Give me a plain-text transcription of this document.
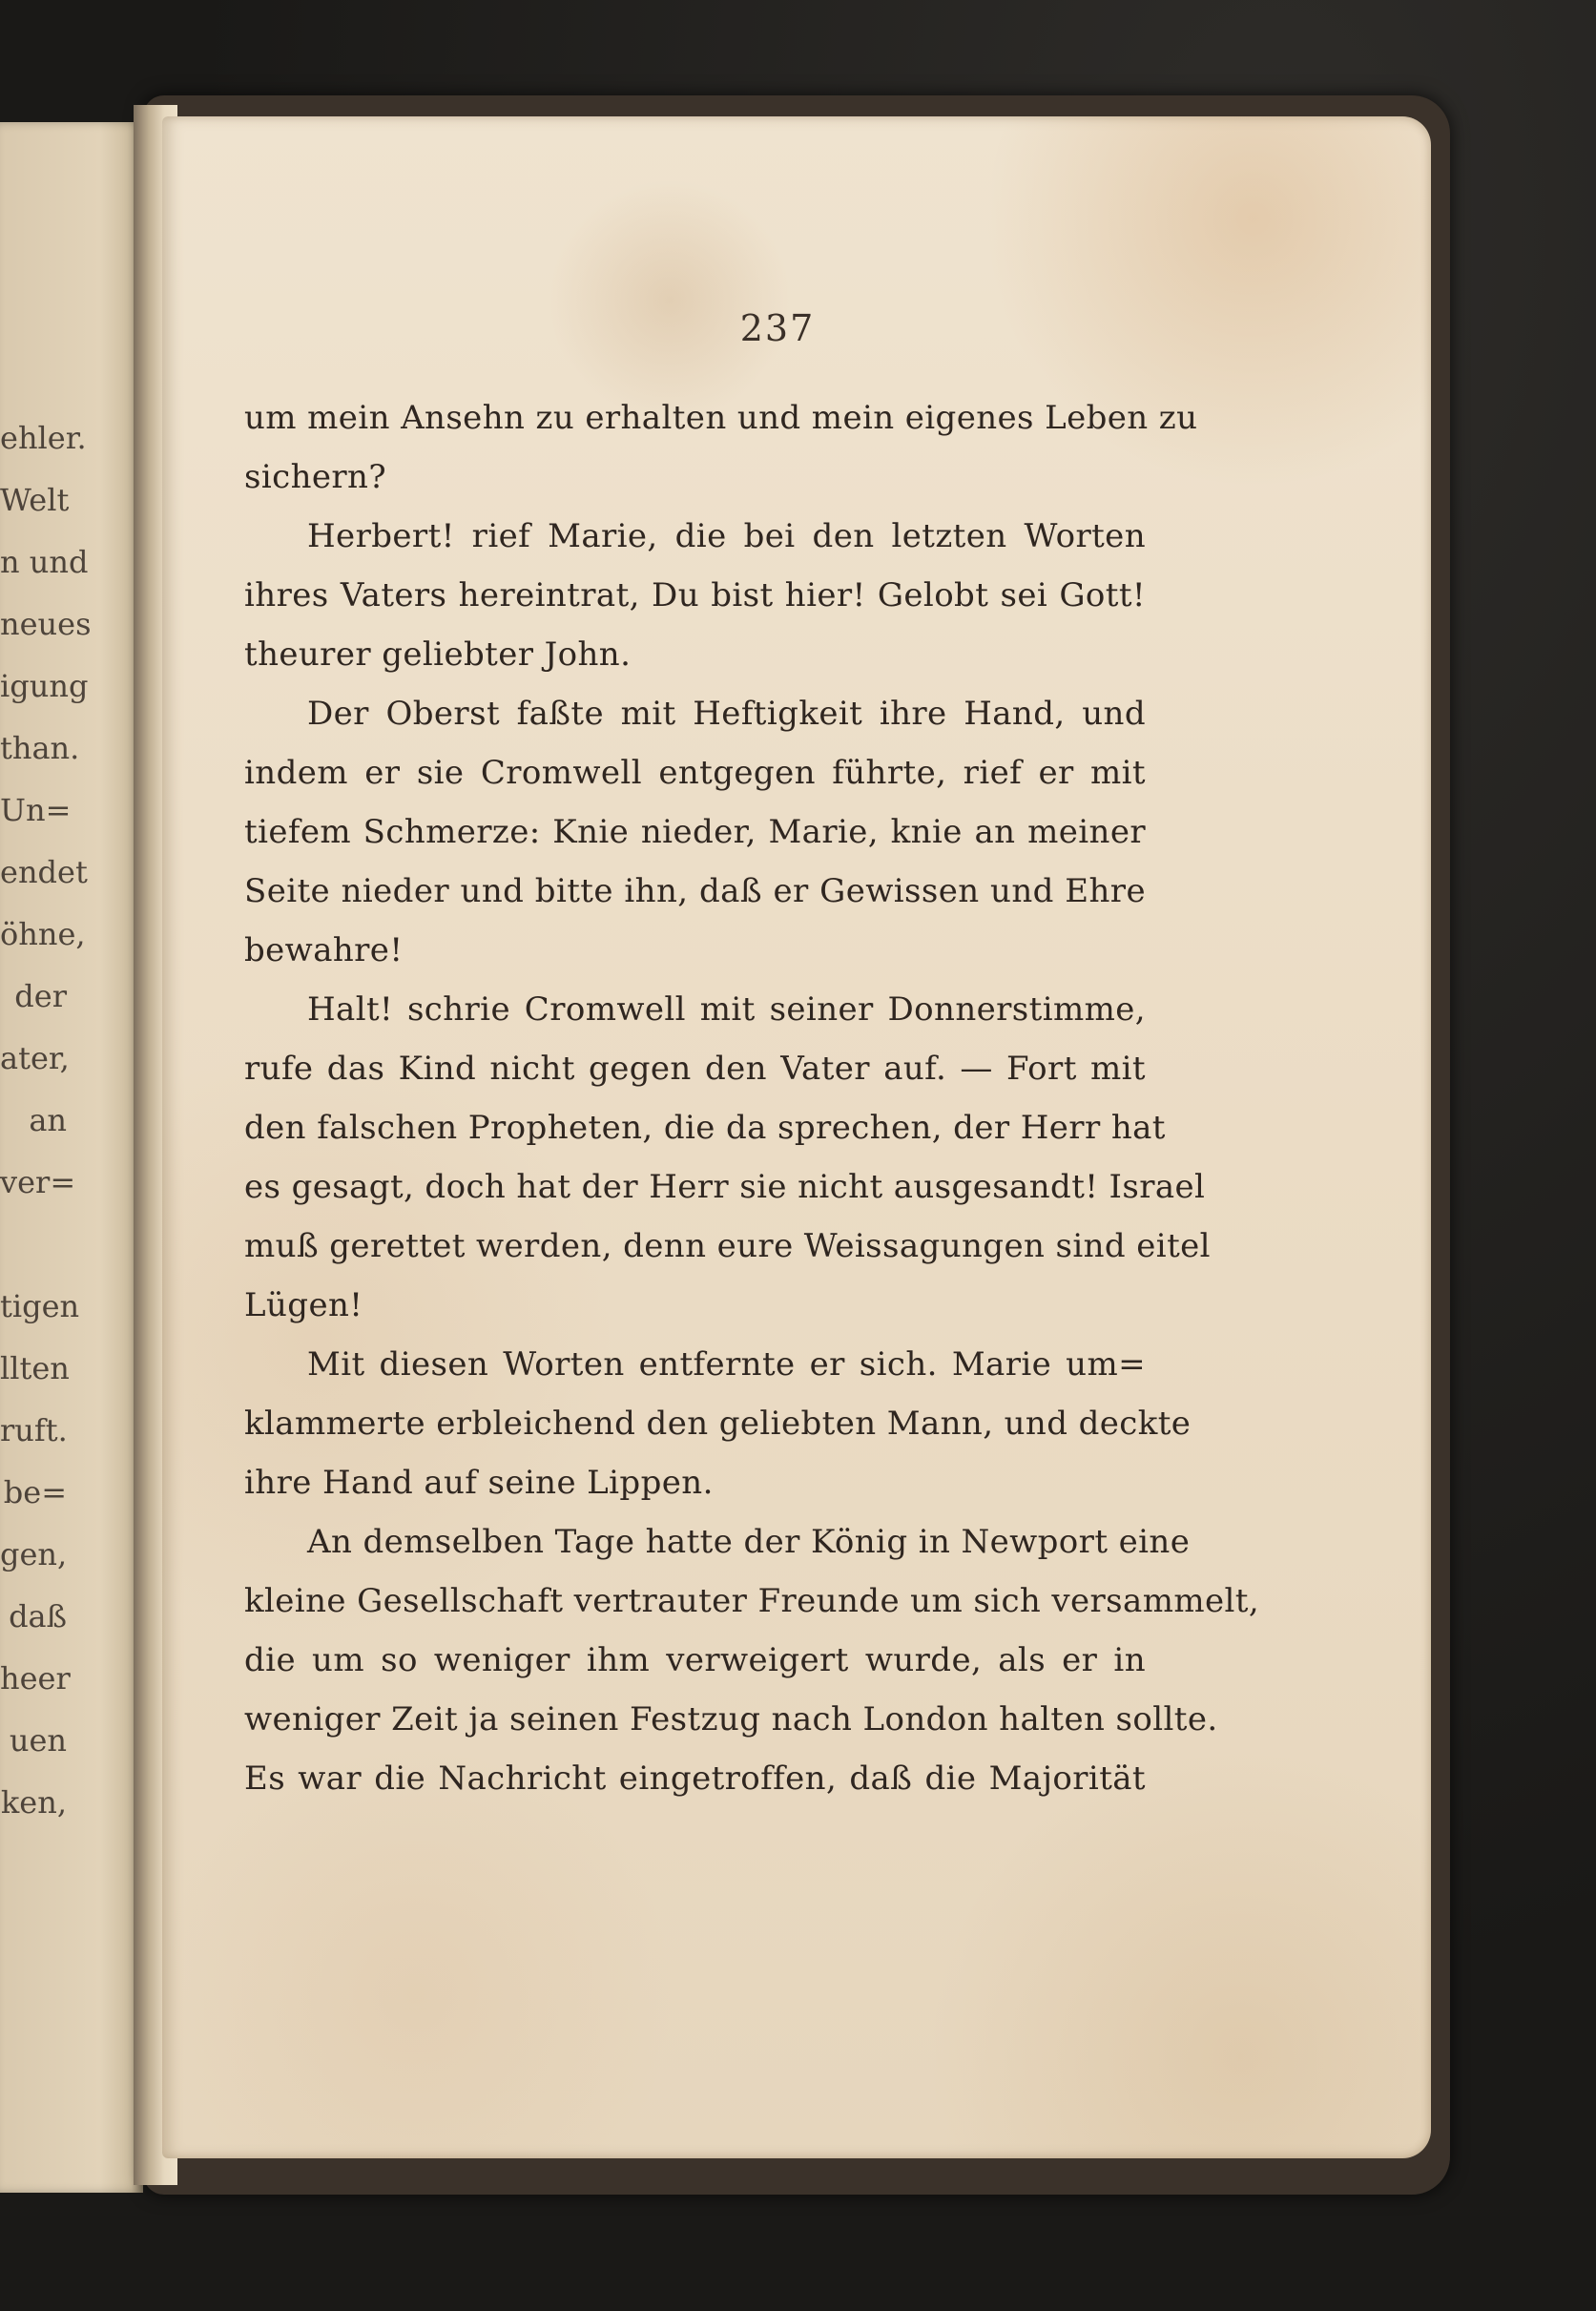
ehler.
Welt
n und
neues
igung
than.
Un=
endet
öhne,
der
ater,
an
ver=
tigen
llten
ruft.
be=
gen,
daß
heer
uen
ken,
237
um mein Ansehn zu erhalten und mein eigenes Leben zu
sichern?
Herbert! rief Marie, die bei den letzten Worten
ihres Vaters hereintrat, Du bist hier! Gelobt sei Gott!
theurer geliebter John.
Der Oberst faßte mit Heftigkeit ihre Hand, und
indem er sie Cromwell entgegen führte, rief er mit
tiefem Schmerze: Knie nieder, Marie, knie an meiner
Seite nieder und bitte ihn, daß er Gewissen und Ehre
bewahre!
Halt! schrie Cromwell mit seiner Donnerstimme,
rufe das Kind nicht gegen den Vater auf. — Fort mit
den falschen Propheten, die da sprechen, der Herr hat
es gesagt, doch hat der Herr sie nicht ausgesandt! Israel
muß gerettet werden, denn eure Weissagungen sind eitel
Lügen!
Mit diesen Worten entfernte er sich. Marie um=
klammerte erbleichend den geliebten Mann, und deckte
ihre Hand auf seine Lippen.
An demselben Tage hatte der König in Newport eine
kleine Gesellschaft vertrauter Freunde um sich versammelt,
die um so weniger ihm verweigert wurde, als er in
weniger Zeit ja seinen Festzug nach London halten sollte.
Es war die Nachricht eingetroffen, daß die Majorität
